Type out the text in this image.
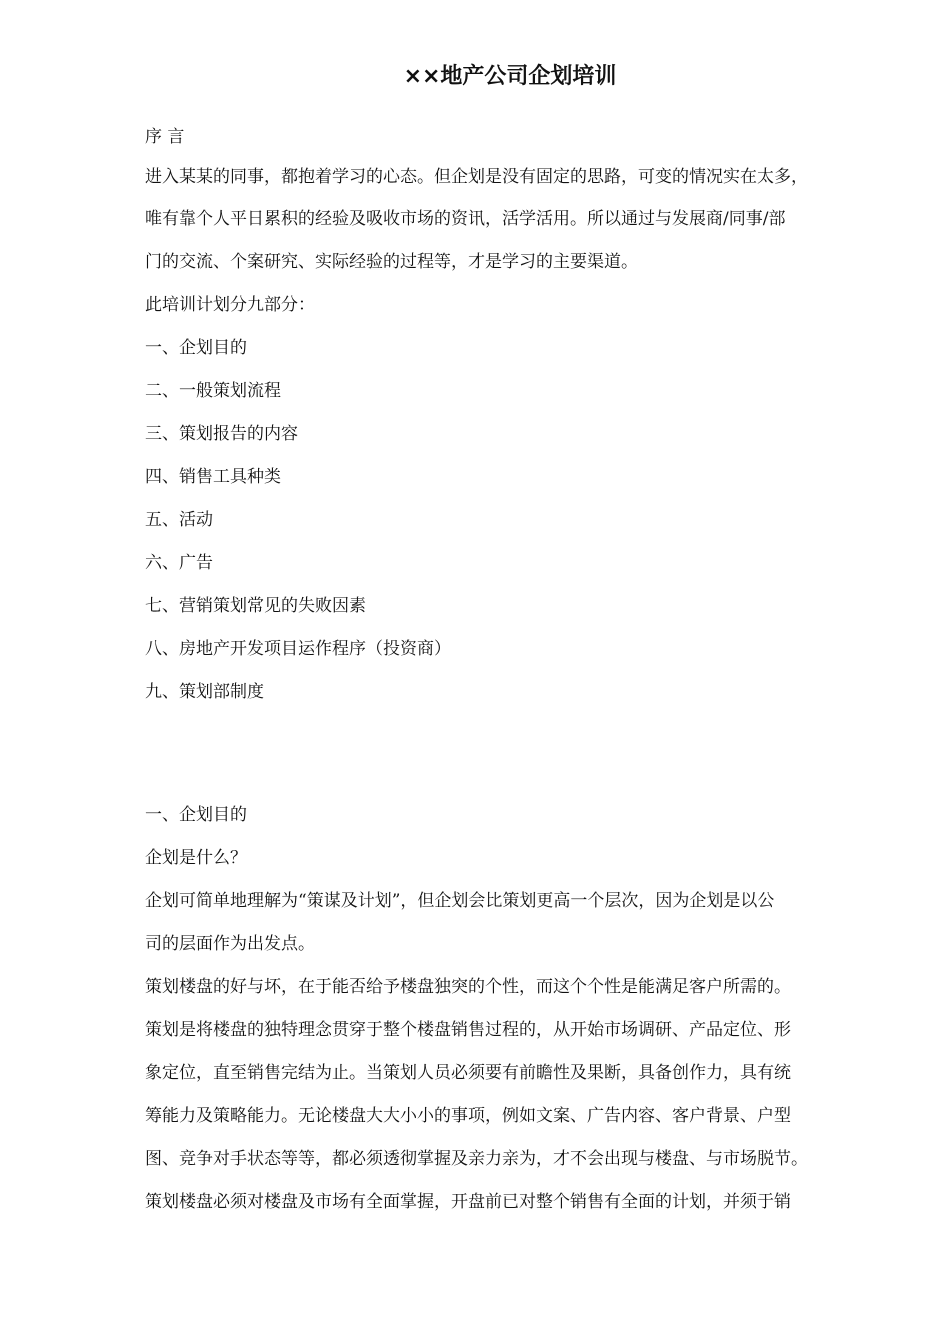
××地产公司企划培训

序 言

进入某某的同事，都抱着学习的心态。但企划是没有固定的思路，可变的情况实在太多，

唯有靠个人平日累积的经验及吸收市场的资讯，活学活用。所以通过与发展商/同事/部

门的交流、个案研究、实际经验的过程等，才是学习的主要渠道。

此培训计划分九部分：

一、企划目的

二、一般策划流程

三、策划报告的内容

四、销售工具种类

五、活动

六、广告

七、营销策划常见的失败因素

八、房地产开发项目运作程序（投资商）

九、策划部制度

一、企划目的

企划是什么？

企划可简单地理解为“策谋及计划”，但企划会比策划更高一个层次，因为企划是以公

司的层面作为出发点。

策划楼盘的好与坏，在于能否给予楼盘独突的个性，而这个个性是能满足客户所需的。

策划是将楼盘的独特理念贯穿于整个楼盘销售过程的，从开始市场调研、产品定位、形

象定位，直至销售完结为止。当策划人员必须要有前瞻性及果断，具备创作力，具有统

筹能力及策略能力。无论楼盘大大小小的事项，例如文案、广告内容、客户背景、户型

图、竞争对手状态等等，都必须透彻掌握及亲力亲为，才不会出现与楼盘、与市场脱节。

策划楼盘必须对楼盘及市场有全面掌握，开盘前已对整个销售有全面的计划，并须于销
